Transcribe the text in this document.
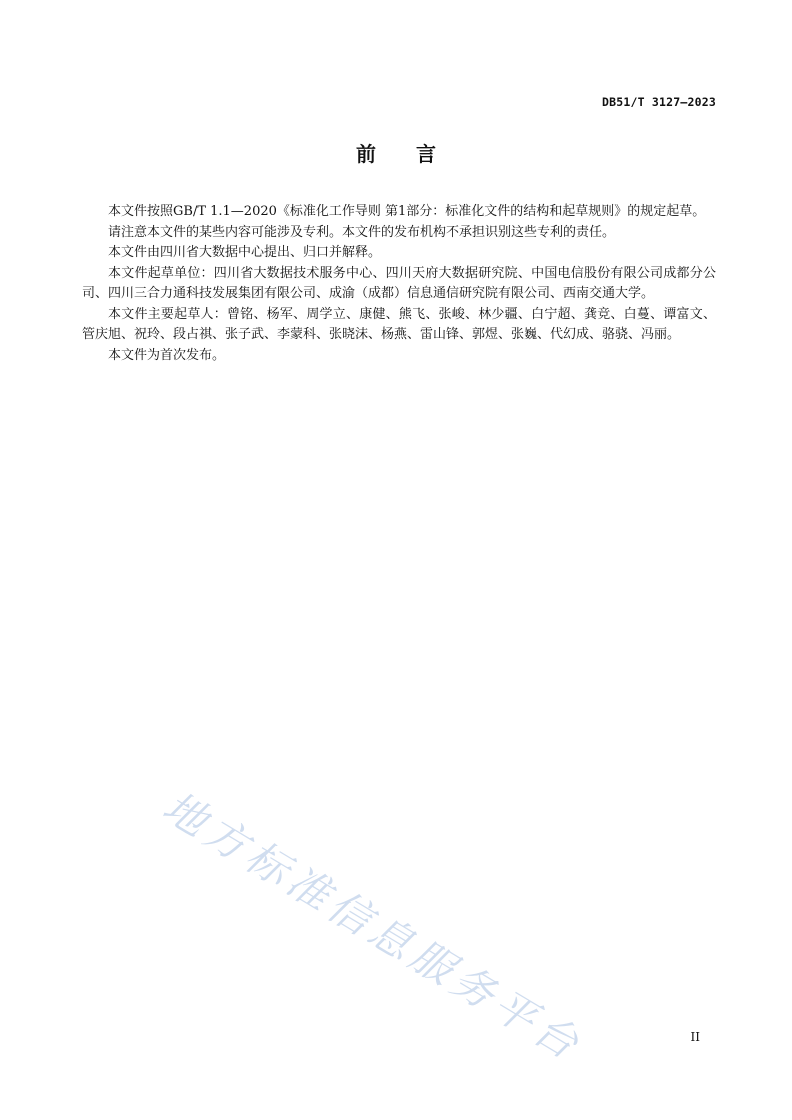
DB51/T 3127—2023
前言

本文件按照GB/T 1.1—2020《标准化工作导则 第1部分：标准化文件的结构和起草规则》的规定起草。

请注意本文件的某些内容可能涉及专利。本文件的发布机构不承担识别这些专利的责任。

本文件由四川省大数据中心提出、归口并解释。

本文件起草单位：四川省大数据技术服务中心、四川天府大数据研究院、中国电信股份有限公司成都分公司、四川三合力通科技发展集团有限公司、成渝（成都）信息通信研究院有限公司、西南交通大学。

本文件主要起草人：曾铭、杨军、周学立、康健、熊飞、张峻、林少疆、白宁超、龚竞、白蔓、谭富文、管庆旭、祝玲、段占祺、张子武、李蒙科、张晓沫、杨燕、雷山锋、郭煜、张巍、代幻成、骆骁、冯丽。

本文件为首次发布。

地方标准信息服务平台	II
